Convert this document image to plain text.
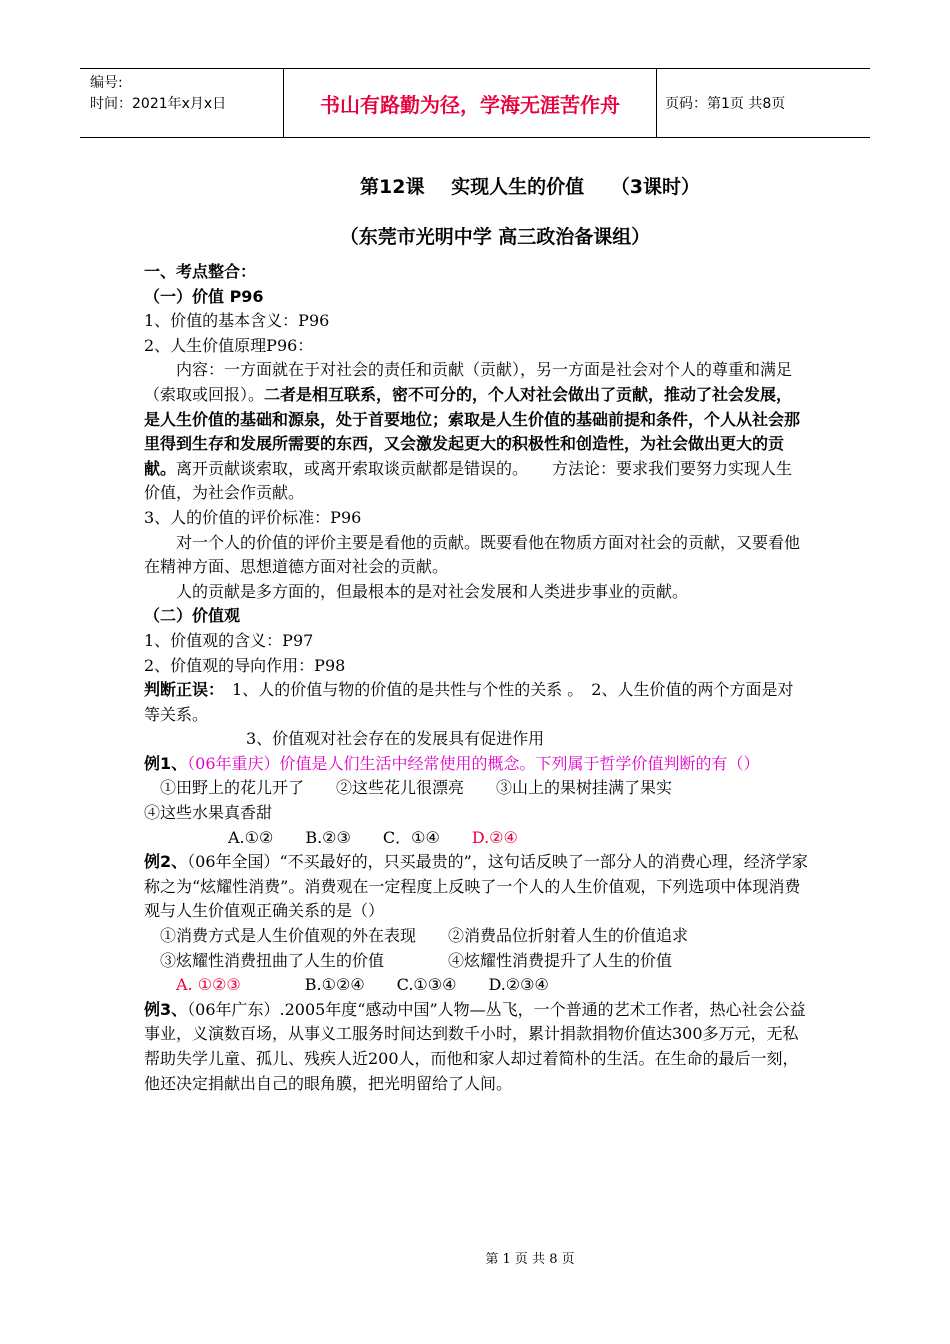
编号:
时间：2021年x月x日	书山有路勤为径，学海无涯苦作舟	页码：第1页 共8页
第12课 实现人生的价值 （3课时）
（东莞市光明中学 高三政治备课组）

一、考点整合：

（一）价值 P96

1、价值的基本含义：P96

2、人生价值原理P96：

内容：一方面就在于对社会的责任和贡献（贡献），另一方面是社会对个人的尊重和满足（索取或回报）。二者是相互联系，密不可分的，个人对社会做出了贡献，推动了社会发展，是人生价值的基础和源泉，处于首要地位；索取是人生价值的基础前提和条件，个人从社会那里得到生存和发展所需要的东西，又会激发起更大的积极性和创造性，为社会做出更大的贡献。离开贡献谈索取，或离开索取谈贡献都是错误的。　　方法论：要求我们要努力实现人生价值，为社会作贡献。

3、人的价值的评价标准：P96

对一个人的价值的评价主要是看他的贡献。既要看他在物质方面对社会的贡献，又要看他在精神方面、思想道德方面对社会的贡献。

人的贡献是多方面的，但最根本的是对社会发展和人类进步事业的贡献。

（二）价值观

1、价值观的含义：P97

2、价值观的导向作用：P98

判断正误：　 1、人的价值与物的价值的是共性与个性的关系 。　2、人生价值的两个方面是对等关系。

3、价值观对社会存在的发展具有促进作用

例1、（06年重庆）价值是人们生活中经常使用的概念。下列属于哲学价值判断的有（）

①田野上的花儿开了　　②这些花儿很漂亮　　③山上的果树挂满了果实

④这些水果真香甜

A.①②　　B.②③　　C．①④　　 D.②④

例2、（06年全国）“不买最好的，只买最贵的”，这句话反映了一部分人的消费心理，经济学家称之为“炫耀性消费”。消费观在一定程度上反映了一个人的人生价值观，下列选项中体现消费观与人生价值观正确关系的是（）

①消费方式是人生价值观的外在表现　　②消费品位折射着人生的价值追求

③炫耀性消费扭曲了人生的价值　　　　④炫耀性消费提升了人生的价值

A. ①②③　　　　	B.①②④　　C.①③④　　D.②③④

例3、（06年广东）.2005年度“感动中国”人物—丛飞，一个普通的艺术工作者，热心社会公益事业，义演数百场，从事义工服务时间达到数千小时，累计捐款捐物价值达300多万元，无私帮助失学儿童、孤儿、残疾人近200人，而他和家人却过着简朴的生活。在生命的最后一刻，他还决定捐献出自己的眼角膜，把光明留给了人间。

第 1 页 共 8 页
